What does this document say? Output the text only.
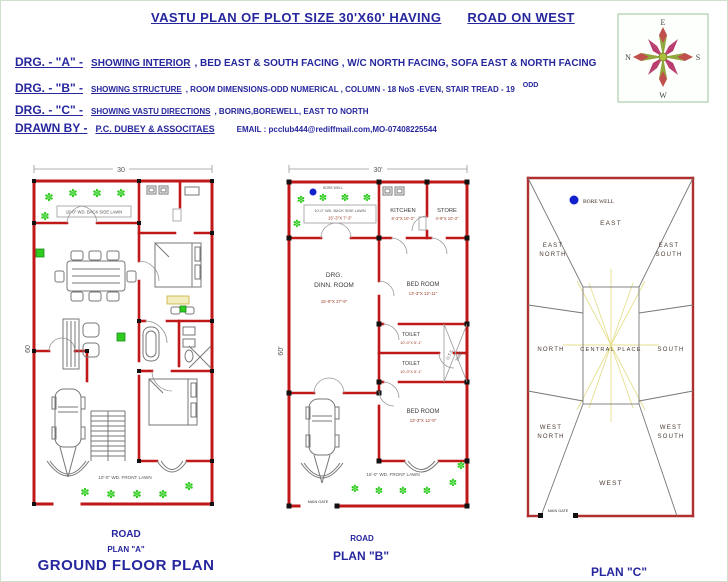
VASTU PLAN OF PLOT SIZE 30'X60' HAVING ROAD ON WEST	E
S
W
N
DRG. - "A" - SHOWING INTERIOR , BED EAST & SOUTH FACING , W/C NORTH FACING, SOFA EAST & NORTH FACING
DRG. - "B" - SHOWING STRUCTURE , ROOM DIMENSIONS-ODD NUMERICAL , COLUMN - 18 NoS -EVEN, STAIR TREAD - 19 $^{ODD}$
DRG. - "C" - SHOWING VASTU DIRECTIONS , BORING,BOREWELL, EAST TO NORTH
DRAWN BY - P.C. DUBEY & ASSOCITAES	EMAIL : pcclub444@rediffmail.com,MO-07408225544
30
60
✽ ✽ ✽ ✽
✽
✽ ✽ ✽ ✽
✽
10'-0" WD. BACK SIDE LAWN
10'-0" WD. FRONT LAWN
30'
60'	O.T.S. TANK
BORE WELL
✽ ✽ ✽ ✽
✽
✽ ✽ ✽ ✽
✽
✽
10'-0" WD. BACK SIDE LAWN
15'-3"X 7'-3"
KITCHEN
8'-3"X 10'-3"
STORE
4'-9"X 10'-3"
DRG.
DINN. ROOM
15'-9"X 27'-9"
BED ROOM
13'-3"X 12'-11"
TOILET
10'-0"X 5'-1"
TOILET
10'-0"X 5'-1"
BED ROOM
13'-3"X 12'-9"
15'-0" WD. FRONT LAWN
MAIN GATE
BORE WELL
EAST
EAST
NORTH
EAST
SOUTH
NORTH	CENTRAL PLACE	SOUTH
WEST
NORTH
WEST
SOUTH
WEST
MAIN GATE
ROAD
PLAN "A"
GROUND FLOOR PLAN
ROAD
PLAN "B"
PLAN "C"
